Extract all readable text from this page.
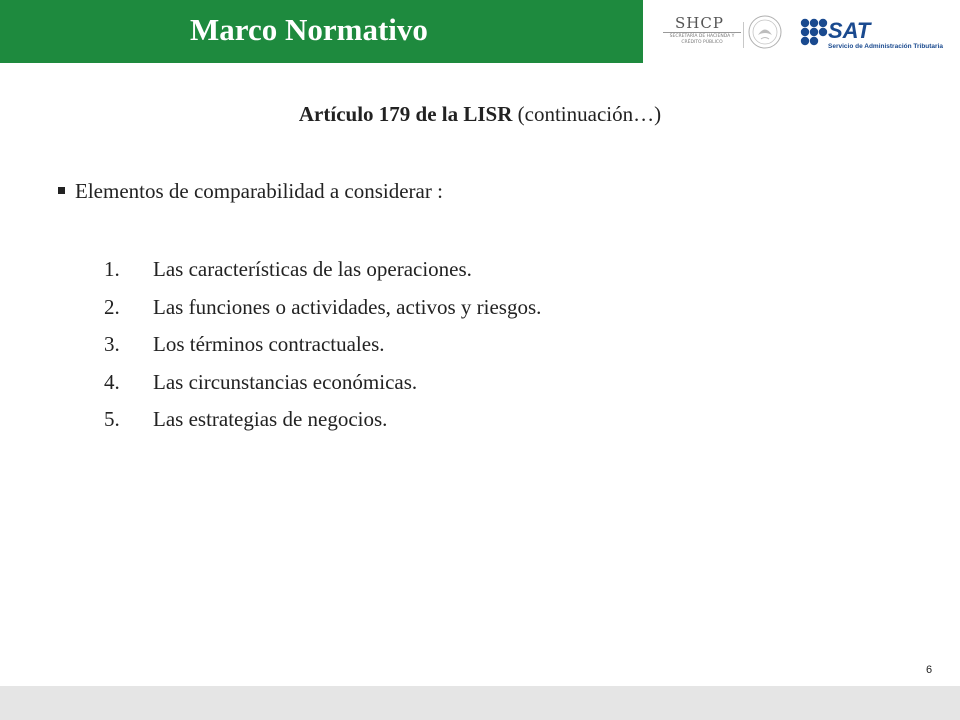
Marco Normativo	SHCP
SECRETARÍA DE HACIENDA Y CRÉDITO PÚBLICO	SAT
Servicio de Administración Tributaria
Artículo 179 de la LISR (continuación…)
Elementos de comparabilidad a considerar :
1. Las características de las operaciones.
2. Las funciones o actividades, activos y riesgos.
3. Los términos contractuales.
4. Las circunstancias económicas.
5. Las estrategias de negocios.
6
